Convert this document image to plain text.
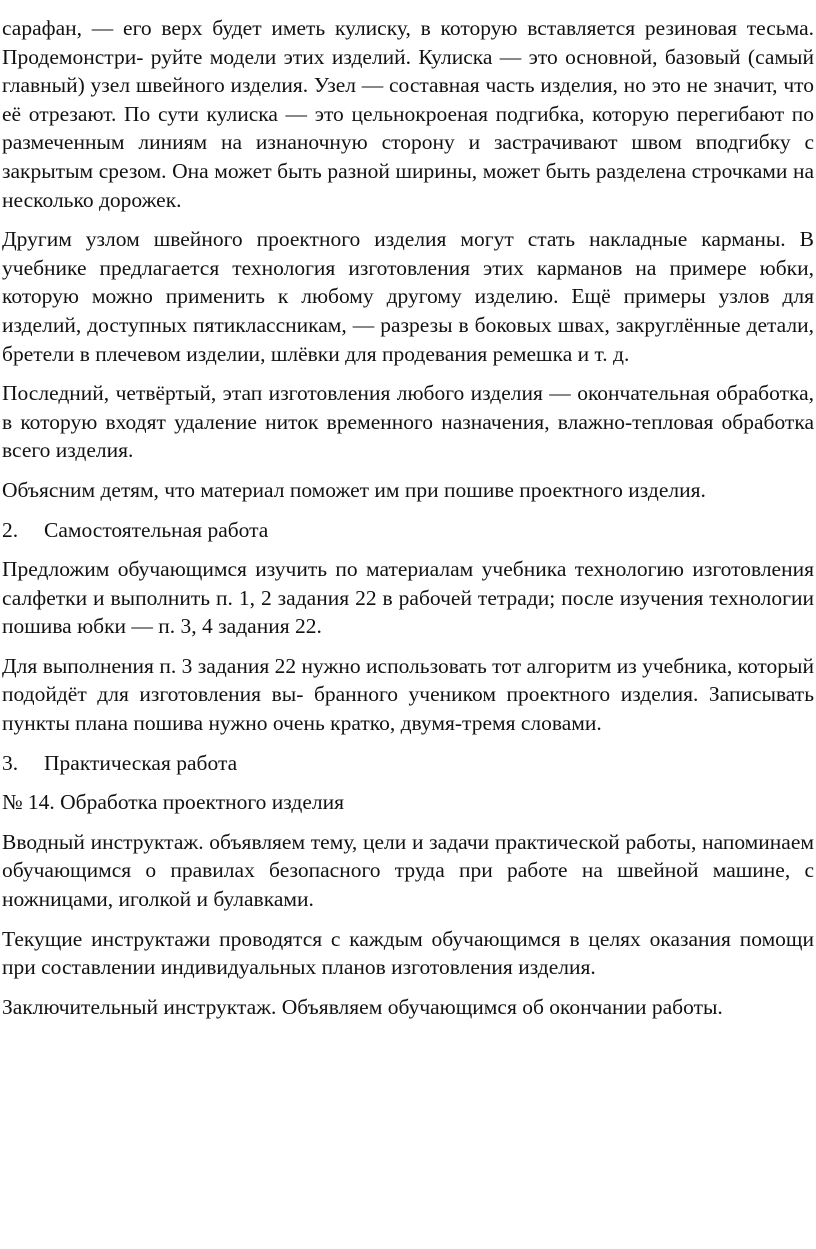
сарафан, — его верх будет иметь кулиску, в которую вставляется резиновая тесьма. Продемонстри- руйте модели этих изделий. Кулиска — это основной, базовый (самый главный) узел швейного изделия. Узел — составная часть изделия, но это не значит, что её отрезают. По сути кулиска — это цельнокроеная подгибка, которую перегибают по размеченным линиям на изнаночную сторону и застрачивают швом вподгибку с закрытым срезом. Она может быть разной ширины, может быть разделена строчками на несколько дорожек.

Другим узлом швейного проектного изделия могут стать накладные карманы. В учебнике предлагается технология изготовления этих карманов на примере юбки, которую можно применить к любому другому изделию. Ещё примеры узлов для изделий, доступных пятиклассникам, — разрезы в боковых швах, закруглённые детали, бретели в плечевом изделии, шлёвки для продевания ремешка и т. д.

Последний, четвёртый, этап изготовления любого изделия — окончательная обработка, в которую входят удаление ниток временного назначения, влажно-тепловая обработка всего изделия.

Объясним детям, что материал поможет им при пошиве проектного изделия.

2.	Самостоятельная работа

Предложим обучающимся изучить по материалам учебника технологию изготовления салфетки и выполнить п. 1, 2 задания 22 в рабочей тетради; после изучения технологии пошива юбки — п. 3, 4 задания 22.

Для выполнения п. 3 задания 22 нужно использовать тот алгоритм из учебника, который подойдёт для изготовления вы- бранного учеником проектного изделия. Записывать пункты плана пошива нужно очень кратко, двумя-тремя словами.

3.	Практическая работа

№ 14. Обработка проектного изделия

Вводный инструктаж. объявляем тему, цели и задачи практической работы, напоминаем обучающимся о правилах безопасного труда при работе на швейной машине, с ножницами, иголкой и булавками.

Текущие инструктажи проводятся с каждым обучающимся в целях оказания помощи при составлении индивидуальных планов изготовления изделия.

Заключительный инструктаж. Объявляем обучающимся об окончании работы.
